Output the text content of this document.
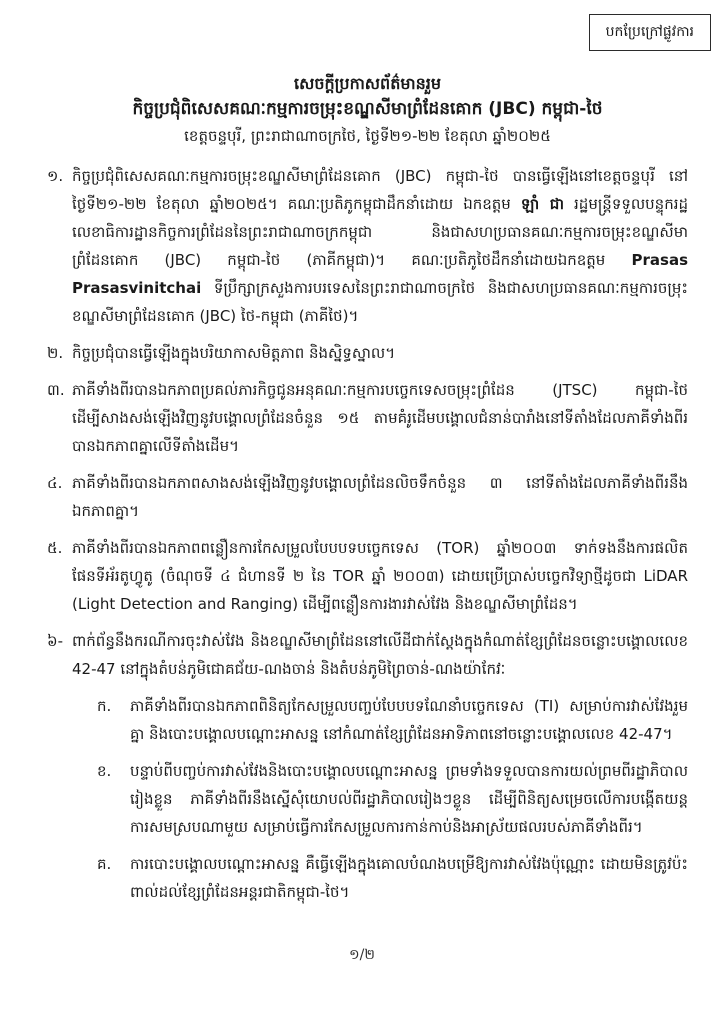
បកប្រែក្រៅផ្លូវការ
សេចក្ដីប្រកាសព័ត៌មានរួម
កិច្ចប្រជុំពិសេសគណៈកម្មការចម្រុះខណ្ឌសីមាព្រំដែនគោក (JBC) កម្ពុជា-ថៃ
ខេត្តចន្ទបុរី, ព្រះរាជាណាចក្រថៃ, ថ្ងៃទី២១-២២ ខែតុលា ឆ្នាំ២០២៥
១. កិច្ចប្រជុំពិសេសគណៈកម្មការចម្រុះខណ្ឌសីមាព្រំដែនគោក (JBC) កម្ពុជា-ថៃ បានធ្វើឡើងនៅខេត្តចន្ទបុរី នៅថ្ងៃទី២១-២២ ខែតុលា ឆ្នាំ២០២៥។ គណៈប្រតិភូកម្ពុជាដឹកនាំដោយ ឯកឧត្តម ឡាំ ជា រដ្ឋមន្ត្រីទទួលបន្ទុករដ្ឋលេខាធិការដ្ឋានកិច្ចការព្រំដែននៃព្រះរាជាណាចក្រកម្ពុជា និងជាសហប្រធានគណៈកម្មការចម្រុះខណ្ឌសីមាព្រំដែនគោក (JBC) កម្ពុជា-ថៃ (ភាគីកម្ពុជា)។ គណៈប្រតិភូថៃដឹកនាំដោយឯកឧត្តម Prasas Prasasvinitchai ទីប្រឹក្សាក្រសួងការបរទេសនៃព្រះរាជាណាចក្រថៃ និងជាសហប្រធានគណៈកម្មការចម្រុះខណ្ឌសីមាព្រំដែនគោក (JBC) ថៃ-កម្ពុជា (ភាគីថៃ)។
២. កិច្ចប្រជុំបានធ្វើឡើងក្នុងបរិយាកាសមិត្តភាព និងស្និទ្ធស្នាល។
៣. ភាគីទាំងពីរបានឯកភាពប្រគល់ភារកិច្ចជូនអនុគណៈកម្មការបច្ចេកទេសចម្រុះព្រំដែន (JTSC) កម្ពុជា-ថៃ ដើម្បីសាងសង់ឡើងវិញនូវបង្គោលព្រំដែនចំនួន ១៥ តាមគំរូដើមបង្គោលជំនាន់បារាំងនៅទីតាំងដែលភាគីទាំងពីរបានឯកភាពគ្នាលើទីតាំងដើម។
៤. ភាគីទាំងពីរបានឯកភាពសាងសង់ឡើងវិញនូវបង្គោលព្រំដែនលិចទឹកចំនួន ៣ នៅទីតាំងដែលភាគីទាំងពីរនឹងឯកភាពគ្នា។
៥. ភាគីទាំងពីរបានឯកភាពពន្លឿនការកែសម្រួលបែបបទបច្ចេកទេស (TOR) ឆ្នាំ២០០៣ ទាក់ទងនឹងការផលិតផែនទីអ័រតូហ្វូតូ (ចំណុចទី ៤ ជំហានទី ២ នៃ TOR ឆ្នាំ ២០០៣) ដោយប្រើប្រាស់បច្ចេកវិទ្យាថ្មីដូចជា LiDAR (Light Detection and Ranging) ដើម្បីពន្លឿនការងារវាស់វែង និងខណ្ឌសីមាព្រំដែន។
៦- ពាក់ព័ន្ធនឹងករណីការចុះវាស់វែង និងខណ្ឌសីមាព្រំដែននៅលើដីជាក់ស្ដែងក្នុងកំណាត់ខ្សែព្រំដែនចន្លោះបង្គោលលេខ 42-47 នៅក្នុងតំបន់ភូមិជោគជ័យ-ណងចាន់ និងតំបន់ភូមិព្រៃចាន់-ណងយ៉ាកែវៈ
ក.	ភាគីទាំងពីរបានឯកភាពពិនិត្យកែសម្រួលបញ្ចប់បែបបទណែនាំបច្ចេកទេស (TI) សម្រាប់ការវាស់វែងរួមគ្នា និងបោះបង្គោលបណ្ដោះអាសន្ន នៅកំណាត់ខ្សែព្រំដែនអាទិភាពនៅចន្លោះបង្គោលលេខ 42-47។
ខ.	បន្ទាប់ពីបញ្ចប់ការវាស់វែងនិងបោះបង្គោលបណ្ដោះអាសន្ន ព្រមទាំងទទួលបានការយល់ព្រមពីរដ្ឋាភិបាលរៀងខ្លួន ភាគីទាំងពីរនឹងស្នើសុំយោបល់ពីរដ្ឋាភិបាលរៀងៗខ្លួន ដើម្បីពិនិត្យសម្រេចលើការបង្កើតយន្តការសមស្របណាមួយ សម្រាប់ធ្វើការកែសម្រួលការកាន់កាប់និងអាស្រ័យផលរបស់ភាគីទាំងពីរ។
គ.	ការបោះបង្គោលបណ្ដោះអាសន្ន គឺធ្វើឡើងក្នុងគោលបំណងបម្រើឱ្យការវាស់វែងប៉ុណ្ណោះ ដោយមិនត្រូវប៉ះពាល់ដល់ខ្សែព្រំដែនអន្តរជាតិកម្ពុជា-ថៃ។
១/២
